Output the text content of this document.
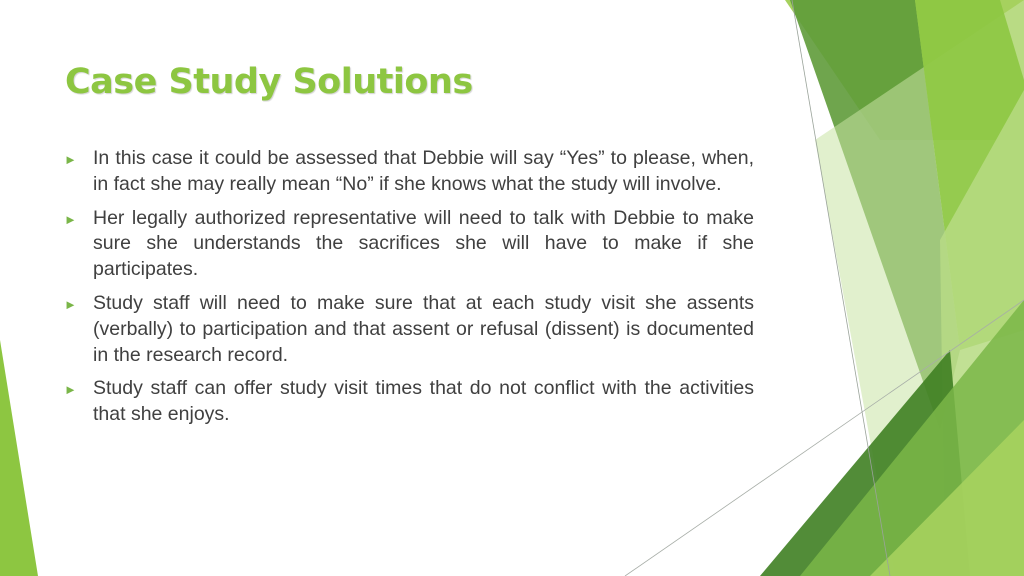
Case Study Solutions
► In this case it could be assessed that Debbie will say “Yes” to please, when, in fact she may really mean “No” if she knows what the study will involve.
► Her legally authorized representative will need to talk with Debbie to make sure she understands the sacrifices she will have to make if she participates.
► Study staff will need to make sure that at each study visit she assents (verbally) to participation and that assent or refusal (dissent) is documented in the research record.
► Study staff can offer study visit times that do not conflict with the activities that she enjoys.
